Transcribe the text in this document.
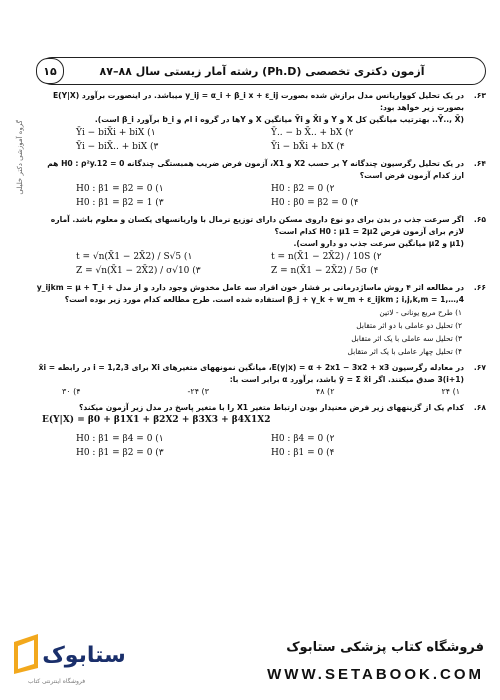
آزمون دکتری تخصصی (Ph.D) رشته آمار زیستی سال ۸۸–۸۷
۱۵
گروه آموزشی دکتر خلیلی
۶۳.
در یک تحلیل کوواریانس مدل برازش شده بصورت y_ij = α_i + β_i x + ε_ij میباشد. در اینصورت برآورد E(Y|X) بصورت زیر خواهد بود:
(Ȳ.., X̄.. بهترتیب میانگین کل X و Y و X̄i و Ȳi میانگین X و Yها در گروه i ام و b_i برآورد β_i است).
Ȳ.. − b X̄.. + bX (۲
Ȳi − biX̄i + biX (۱
Ȳi − bX̄i + bX (۴
Ȳi − biX̄.. + biX (۳
۶۴.
در یک تحلیل رگرسیون چندگانه Y بر حسب X2 و X1، آزمون فرض ضریب همبستگی چندگانه H0 : ρ²y.12 = 0 هم ارز کدام آزمون فرض است؟
H0 : β2 = 0 (۲
H0 : β1 = β2 = 0 (۱
H0 : β0 = β2 = 0 (۴
H0 : β1 = β2 = 1 (۳
۶۵.
اگر سرعت جذب در بدن برای دو نوع داروی مسکن دارای توزیع نرمال با واریانسهای یکسان و معلوم باشد. آماره لازم برای آزمون فرض H0 : μ1 = 2μ2 کدام است؟
(μ1 و μ2 میانگین سرعت جذب دو دارو است).
t = n(X̄1 − 2X̄2) / 10S (۲
t = √n(X̄1 − 2X̄2) / S√5 (۱
Z = n(X̄1 − 2X̄2) / 5σ (۴
Z = √n(X̄1 − 2X̄2) / σ√10 (۳
۶۶.
در مطالعه اثر ۴ روش ماساژدرمانی بر فشار خون افراد سه عامل مخدوش وجود دارد و از مدل y_ijkm = μ + T_i + β_j + γ_k + w_m + ε_ijkm ; i,j,k,m = 1,…,4 استفاده شده است. طرح مطالعه کدام مورد زیر بوده است؟
۱) طرح مربع یونانی - لاتین
۲) تحلیل دو عاملی با دو اثر متقابل
۳) تحلیل سه عاملی با یک اثر متقابل
۴) تحلیل چهار عاملی با یک اثر متقابل
۶۷.
در معادله رگرسیون E(y|x) = α + 2x1 − 3x2 + x3، میانگین نمونههای متغیرهای Xi برای i = 1,2,3 در رابطه x̄i = 3(i+1) صدق میکنند. اگر ȳ = Σ x̄i باشد، برآورد α برابر است با:
۱) ۲۴
۲) ۴۸
۳) ۲۴-
۴) ۳۰
۶۸.
کدام یک از گزینههای زیر فرض معنیدار بودن ارتباط متغیر X1 را با متغیر پاسخ در مدل زیر آزمون میکند؟
E(Y|X) = β0 + β1X1 + β2X2 + β3X3 + β4X1X2
H0 : β4 = 0 (۲
H0 : β1 = β4 = 0 (۱
H0 : β1 = 0 (۴
H0 : β1 = β2 = 0 (۳
ستابوک
فروشگاه اینترنتی کتاب
فروشگاه کتاب پزشکی ستابوک
WWW.SETABOOK.COM
